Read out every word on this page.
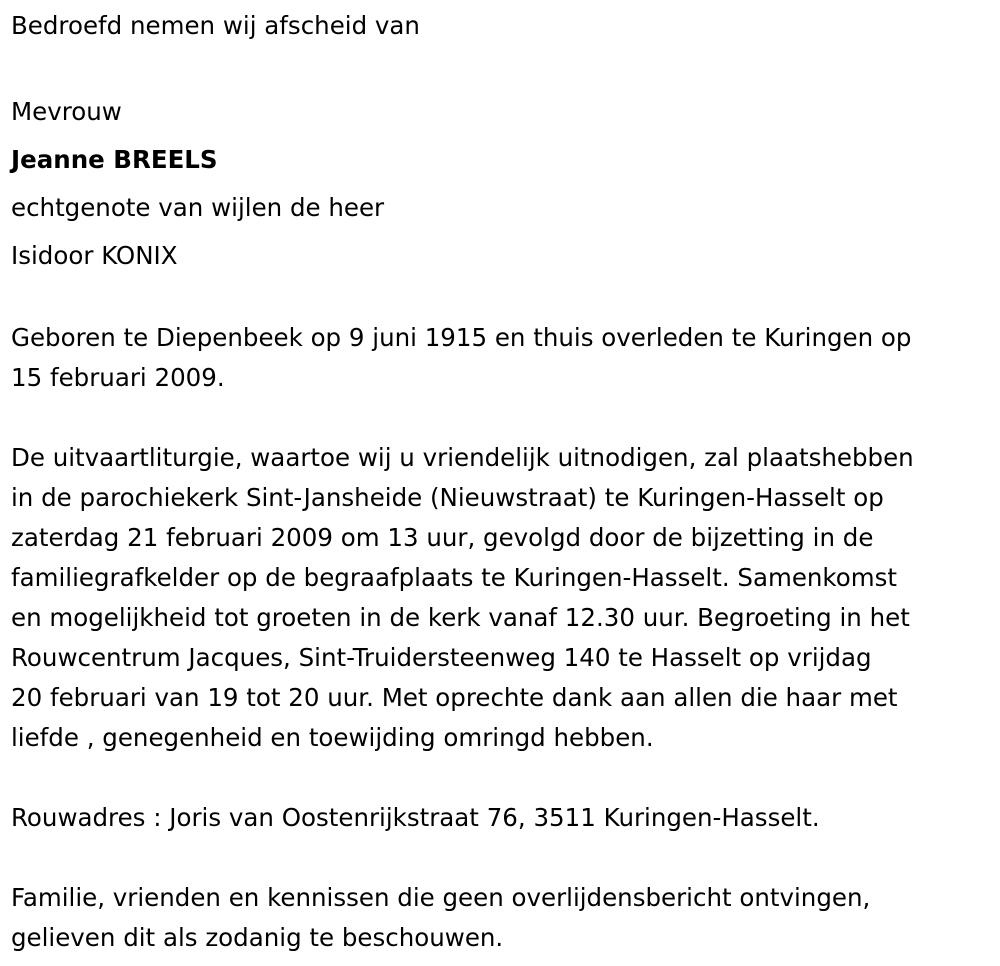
Bedroefd nemen wij afscheid van

Mevrouw

Jeanne BREELS

echtgenote van wijlen de heer

Isidoor KONIX

Geboren te Diepenbeek op 9 juni 1915 en thuis overleden te Kuringen op

15 februari 2009.

De uitvaartliturgie, waartoe wij u vriendelijk uitnodigen, zal plaatshebben

in de parochiekerk Sint-Jansheide (Nieuwstraat) te Kuringen-Hasselt op

zaterdag 21 februari 2009 om 13 uur, gevolgd door de bijzetting in de

familiegrafkelder op de begraafplaats te Kuringen-Hasselt. Samenkomst

en mogelijkheid tot groeten in de kerk vanaf 12.30 uur. Begroeting in het

Rouwcentrum Jacques, Sint-Truidersteenweg 140 te Hasselt op vrijdag

20 februari van 19 tot 20 uur. Met oprechte dank aan allen die haar met

liefde , genegenheid en toewijding omringd hebben.

Rouwadres : Joris van Oostenrijkstraat 76, 3511 Kuringen-Hasselt.

Familie, vrienden en kennissen die geen overlijdensbericht ontvingen,

gelieven dit als zodanig te beschouwen.
